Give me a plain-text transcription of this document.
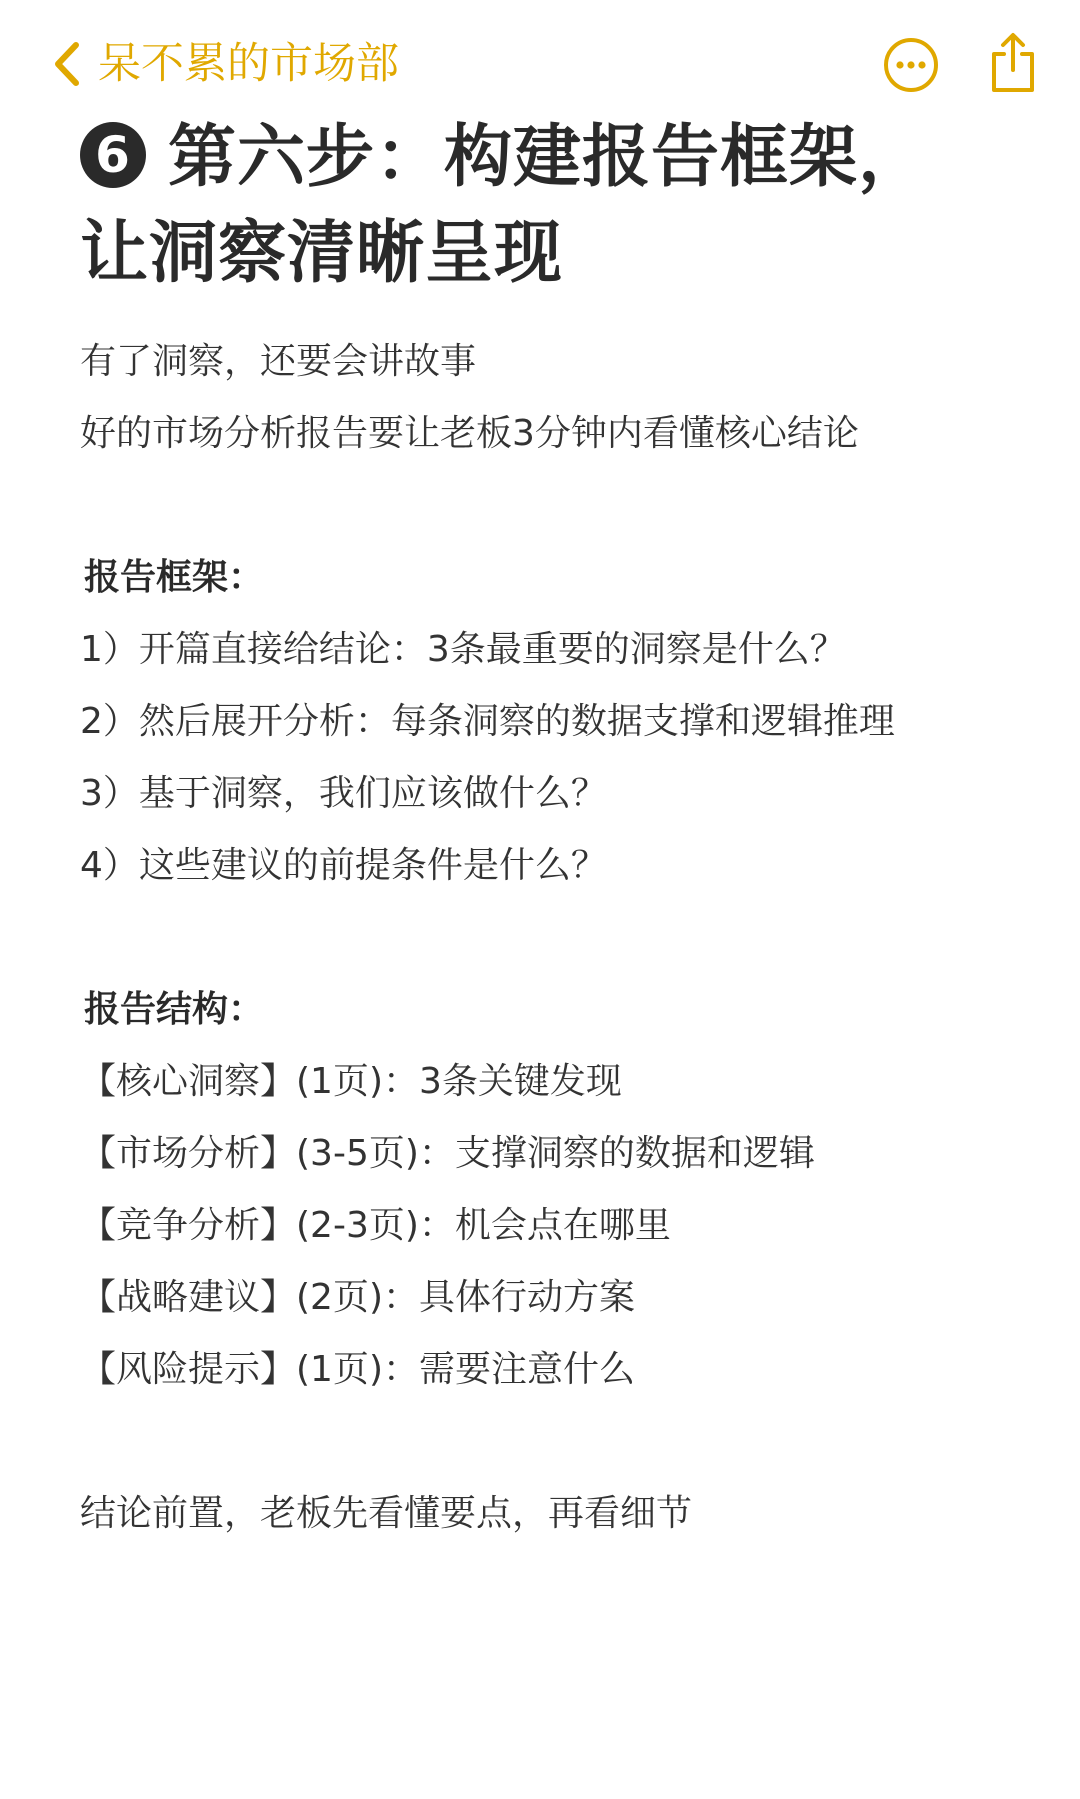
呆不累的市场部
6 第六步：构建报告框架，
让洞察清晰呈现
有了洞察，还要会讲故事
好的市场分析报告要让老板3分钟内看懂核心结论
报告框架：
1）开篇直接给结论：3条最重要的洞察是什么？
2）然后展开分析：每条洞察的数据支撑和逻辑推理
3）基于洞察，我们应该做什么？
4）这些建议的前提条件是什么？
报告结构：
【核心洞察】(1页)：3条关键发现
【市场分析】(3-5页)：支撑洞察的数据和逻辑
【竞争分析】(2-3页)：机会点在哪里
【战略建议】(2页)：具体行动方案
【风险提示】(1页)：需要注意什么
结论前置，老板先看懂要点，再看细节
